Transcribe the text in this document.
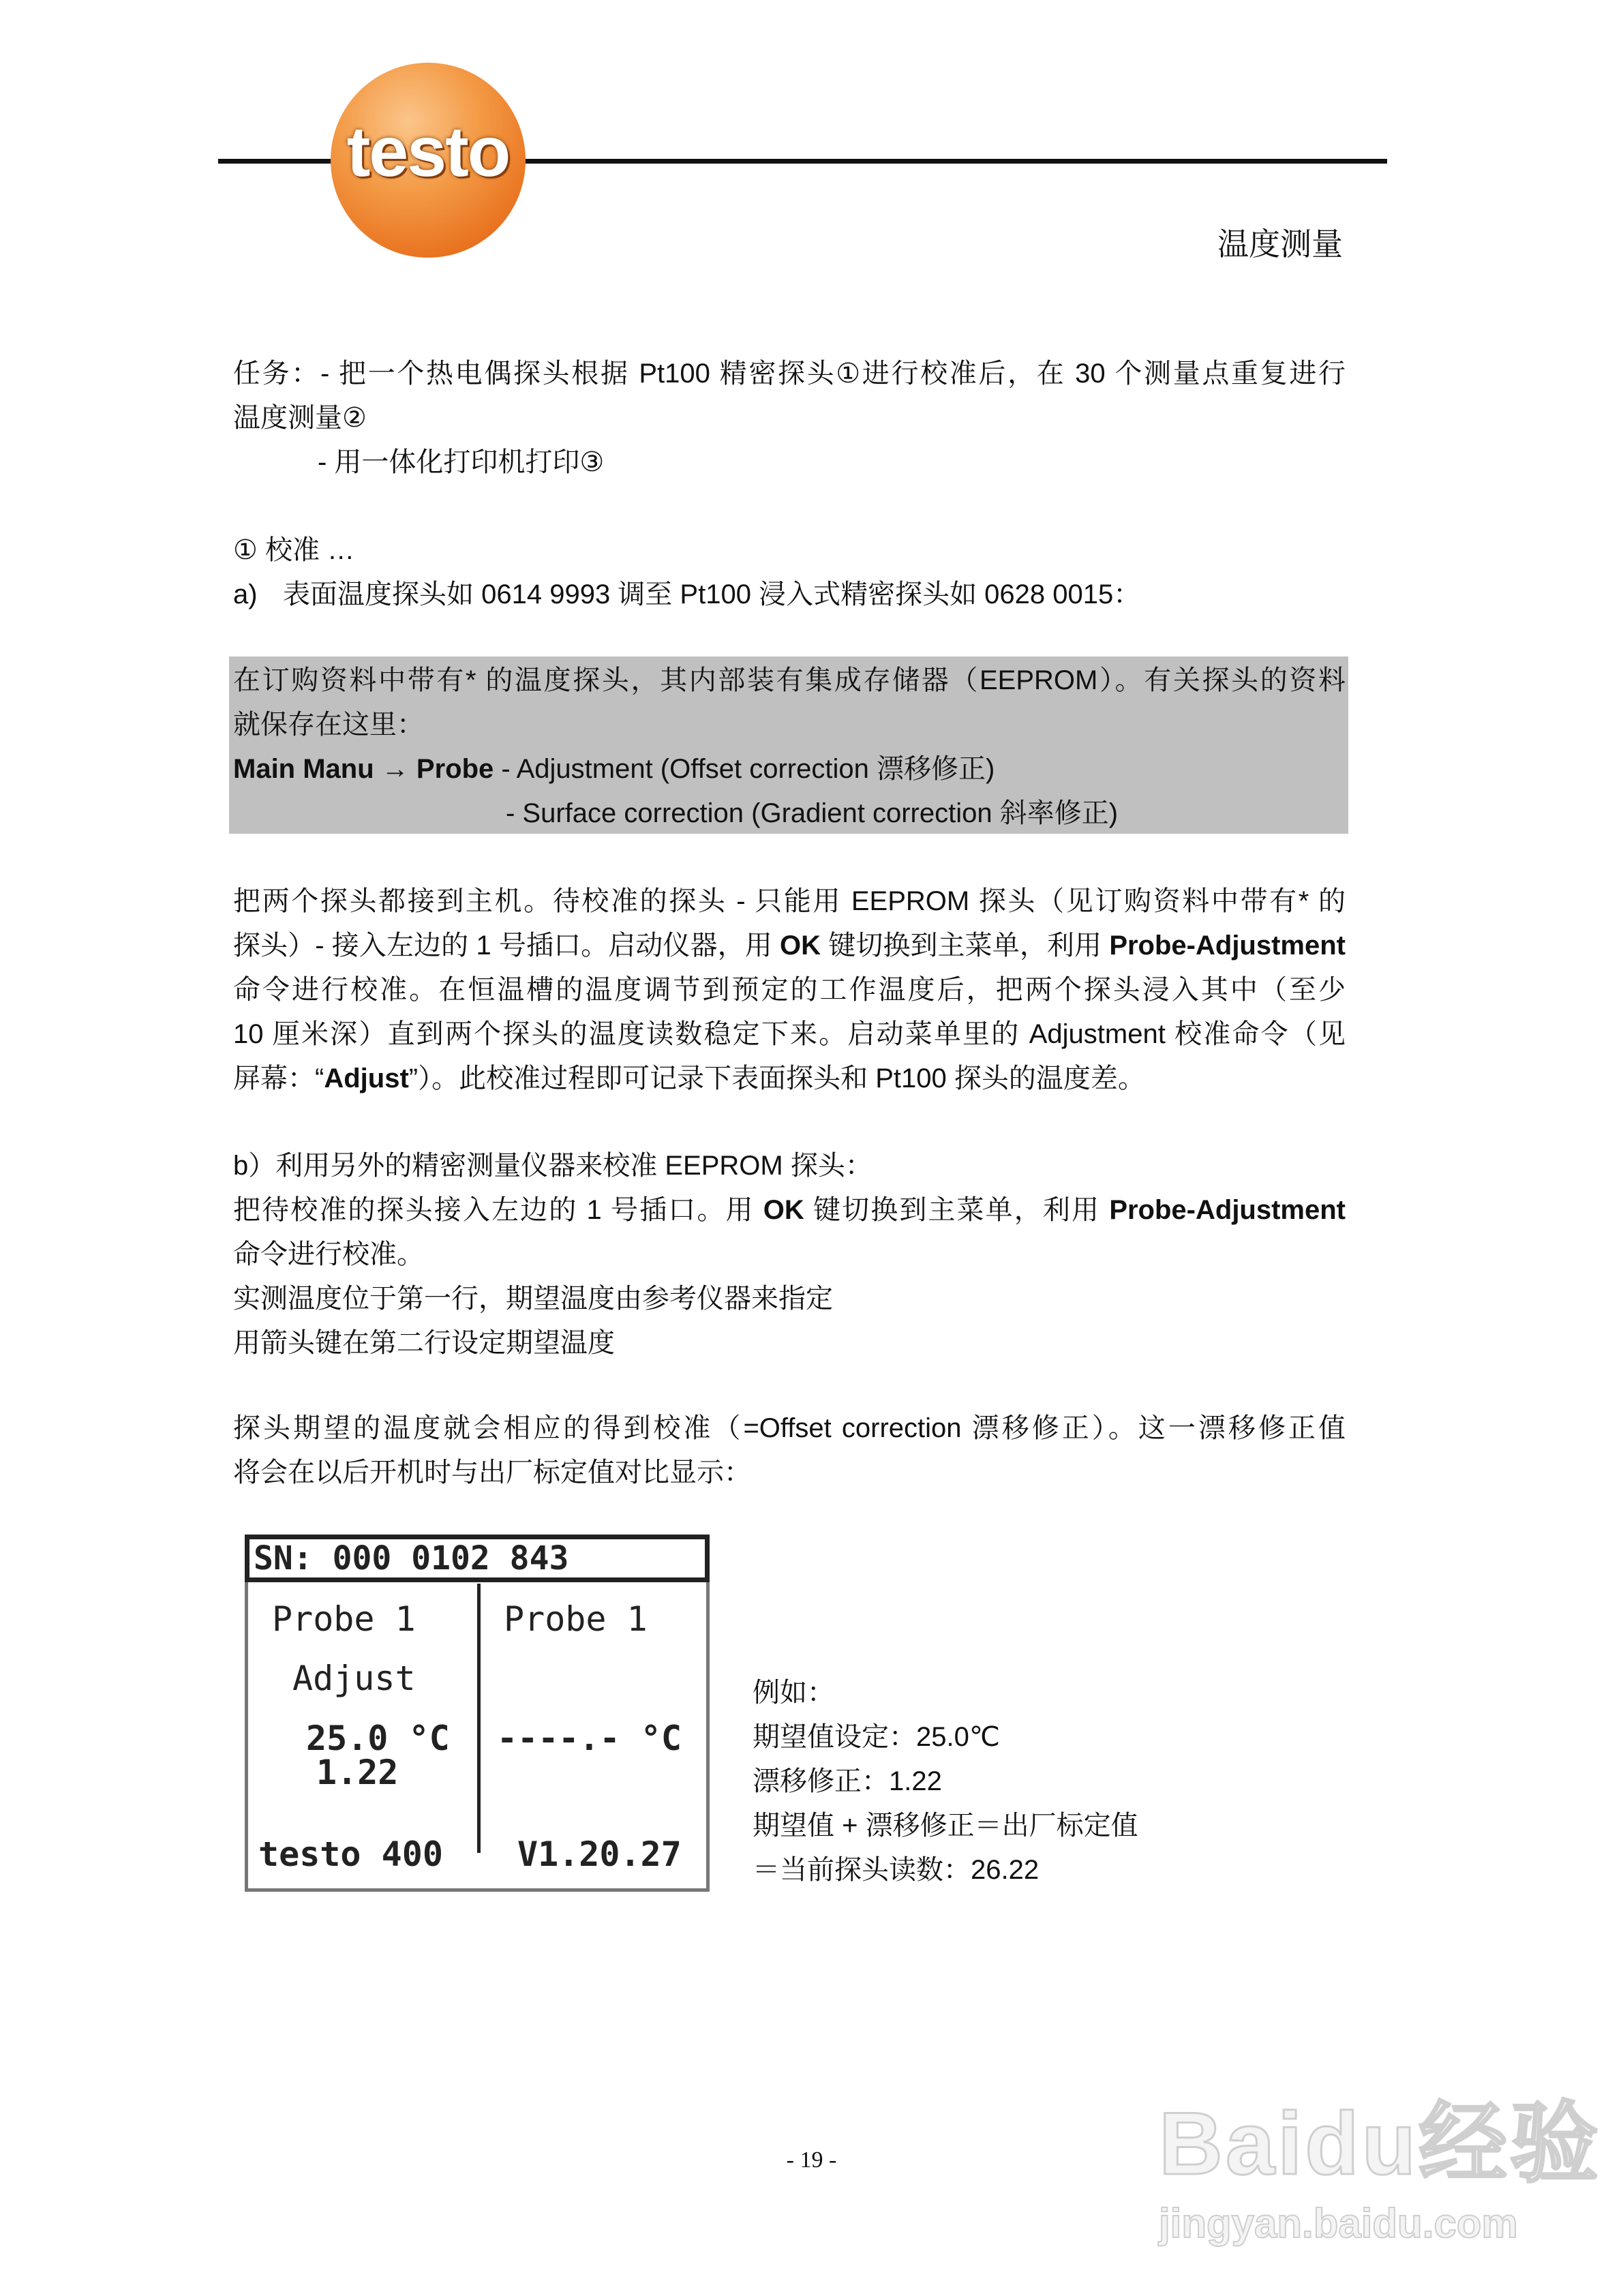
testo
温度测量
任务：- 把一个热电偶探头根据 Pt100 精密探头①进行校准后，在 30 个测量点重复进行
温度测量②
- 用一体化打印机打印③
① 校准 …
a) 表面温度探头如 0614 9993 调至 Pt100 浸入式精密探头如 0628 0015：
在订购资料中带有* 的温度探头，其内部装有集成存储器（EEPROM）。有关探头的资料
就保存在这里：
Main Manu → Probe - Adjustment (Offset correction 漂移修正)
- Surface correction (Gradient correction 斜率修正)
把两个探头都接到主机。待校准的探头 - 只能用 EEPROM 探头（见订购资料中带有* 的
探头）- 接入左边的 1 号插口。启动仪器，用 OK 键切换到主菜单，利用 Probe-Adjustment
命令进行校准。在恒温槽的温度调节到预定的工作温度后，把两个探头浸入其中（至少
10 厘米深）直到两个探头的温度读数稳定下来。启动菜单里的 Adjustment 校准命令（见
屏幕：“Adjust”）。此校准过程即可记录下表面探头和 Pt100 探头的温度差。
b）利用另外的精密测量仪器来校准 EEPROM 探头：
把待校准的探头接入左边的 1 号插口。用 OK 键切换到主菜单，利用 Probe-Adjustment
命令进行校准。
实测温度位于第一行，期望温度由参考仪器来指定
用箭头键在第二行设定期望温度
探头期望的温度就会相应的得到校准（=Offset correction 漂移修正）。这一漂移修正值
将会在以后开机时与出厂标定值对比显示：
SN: 000 0102 843
Probe 1
Adjust
25.0 °C
1.22
Probe 1
----.- °C
testo 400 V1.20.27
例如：
期望值设定：25.0℃
漂移修正：1.22
期望值 + 漂移修正＝出厂标定值
＝当前探头读数：26.22
- 19 -	Baidu经验
jingyan.baidu.com
